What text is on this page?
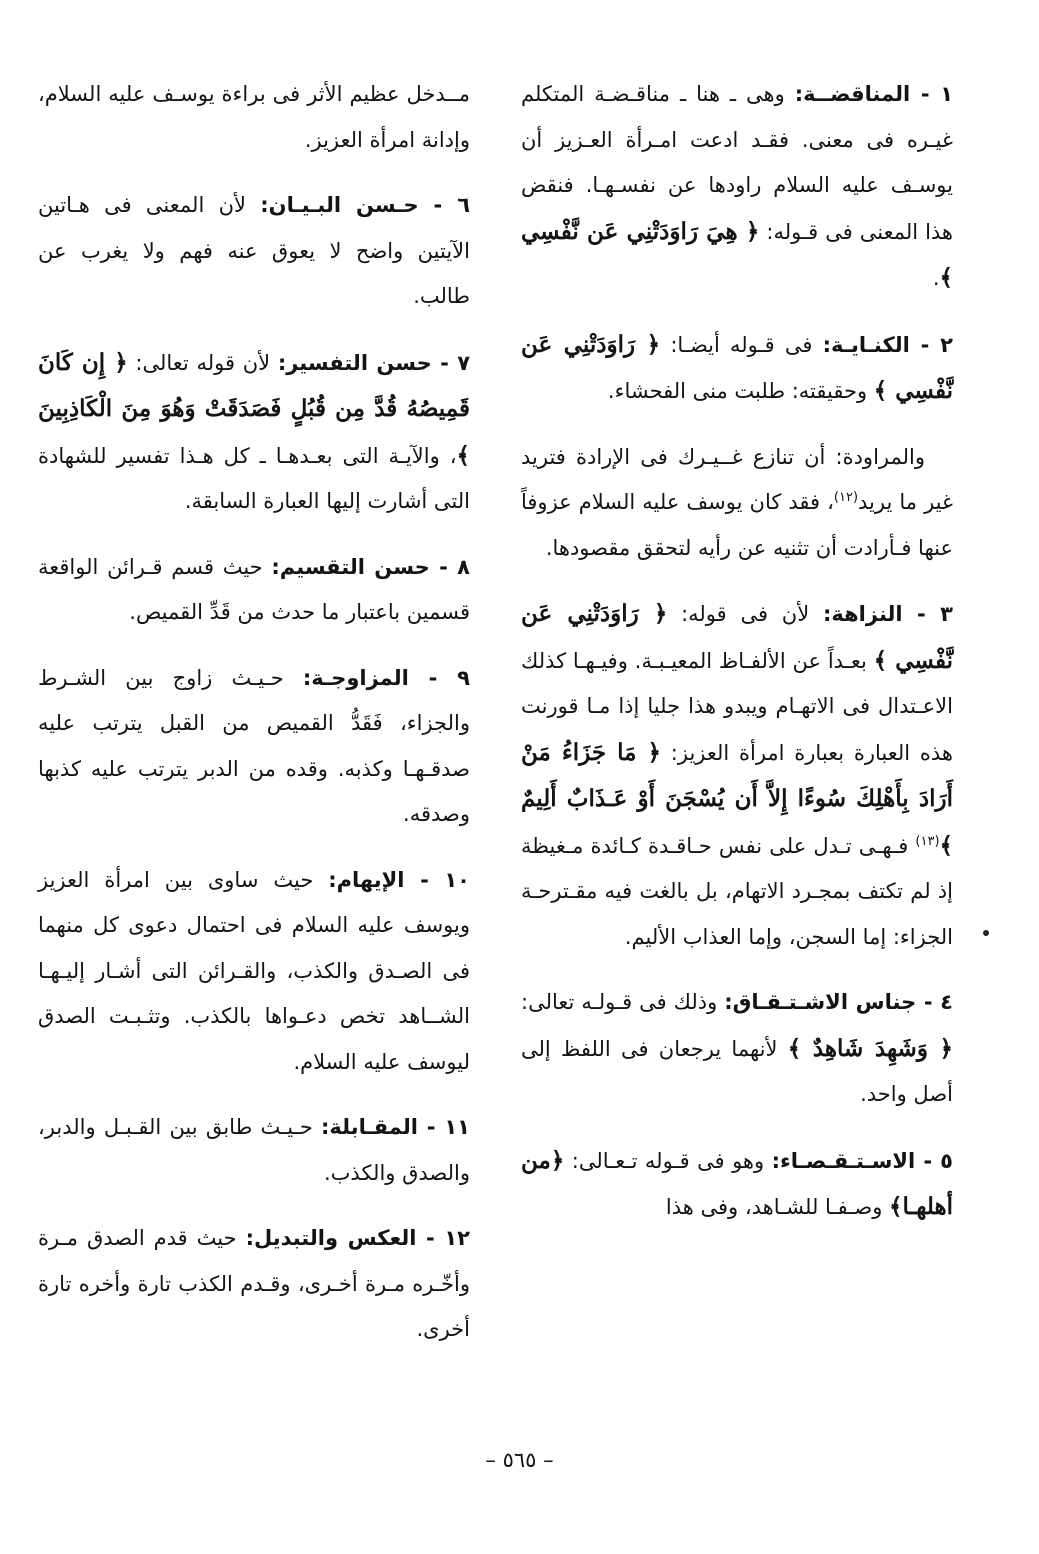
١ - المناقضــة: وهى ـ هنا ـ مناقـضـة المتكلم غيـره فى معنى. فقـد ادعت امـرأة العـزيز أن يوسـف عليه السلام راودها عن نفسـهـا. فنقض هذا المعنى فى قـوله: ﴿ هِيَ رَاوَدَتْنِي عَن نَّفْسِي ﴾.

٢ - الكنـايـة: فى قـوله أيضـا: ﴿ رَاوَدَتْنِي عَن نَّفْسِي ﴾ وحقيقته: طلبت منى الفحشاء.

والمراودة: أن تنازع غــيـرك فى الإرادة فتريد غير ما يريد$^{(١٢)}$، فقد كان يوسف عليه السلام عزوفاً عنها فـأرادت أن تثنيه عن رأيه لتحقق مقصودها.

٣ - النزاهة: لأن فى قوله: ﴿ رَاوَدَتْنِي عَن نَّفْسِي ﴾ بعـداً عن الألفـاظ المعيـبـة. وفيـهـا كذلك الاعـتدال فى الاتهـام ويبدو هذا جليا إذا مـا قورنت هذه العبارة بعبارة امرأة العزيز: ﴿ مَا جَزَاءُ مَنْ أَرَادَ بِأَهْلِكَ سُوءًا إِلاَّ أَن يُسْجَنَ أَوْ عَـذَابٌ أَلِيمٌ ﴾$^{(١٣)}$ فـهـى تـدل على نفس حـاقـدة كـائدة مـغيظة إذ لم تكتف بمجـرد الاتهام، بل بالغت فيه مقـترحـة الجزاء: إما السجن، وإما العذاب الأليم.

٤ - جناس الاشـتـقـاق: وذلك فى قـولـه تعالى: ﴿ وَشَهِدَ شَاهِدٌ ﴾ لأنهما يرجعان فى اللفظ إلى أصل واحد.

٥ - الاسـتـقـصـاء: وهو فى قـوله تـعـالى: ﴿من أهلهـا﴾ وصـفـا للشـاهد، وفى هذا

مــدخل عظيم الأثر فى براءة يوسـف عليه السلام، وإدانة امرأة العزيز.

٦ - حـسن البـيـان: لأن المعنى فى هـاتين الآيتين واضح لا يعوق عنه فهم ولا يغرب عن طالب.

٧ - حسن التفسير: لأن قوله تعالى: ﴿ إِن كَانَ قَمِيصُهُ قُدَّ مِن قُبُلٍ فَصَدَقَتْ وَهُوَ مِنَ الْكَاذِبِينَ ﴾، والآيـة التى بعـدهـا ـ كل هـذا تفسير للشهادة التى أشارت إليها العبارة السابقة.

٨ - حسن التقسيم: حيث قسم قـرائن الواقعة قسمين باعتبار ما حدث من قَدِّ القميص.

٩ - المزاوجـة: حـيـث زاوج بين الشـرط والجزاء، فَقَدُّ القميص من القبل يترتب عليه صدقـهـا وكذبه. وقده من الدبر يترتب عليه كذبها وصدقه.

١٠ - الإيهام: حيث ساوى بين امرأة العزيز ويوسف عليه السلام فى احتمال دعوى كل منهما فى الصـدق والكذب، والقـرائن التى أشـار إليـهـا الشــاهد تخص دعـواها بالكذب. وتثـبـت الصدق ليوسف عليه السلام.

١١ - المقـابلة: حـيـث طابق بين القـبـل والدبر، والصدق والكذب.

١٢ - العكس والتبديل: حيث قدم الصدق مـرة وأخّـره مـرة أخـرى، وقـدم الكذب تارة وأخره تارة أخرى.

– ٥٦٥ –
